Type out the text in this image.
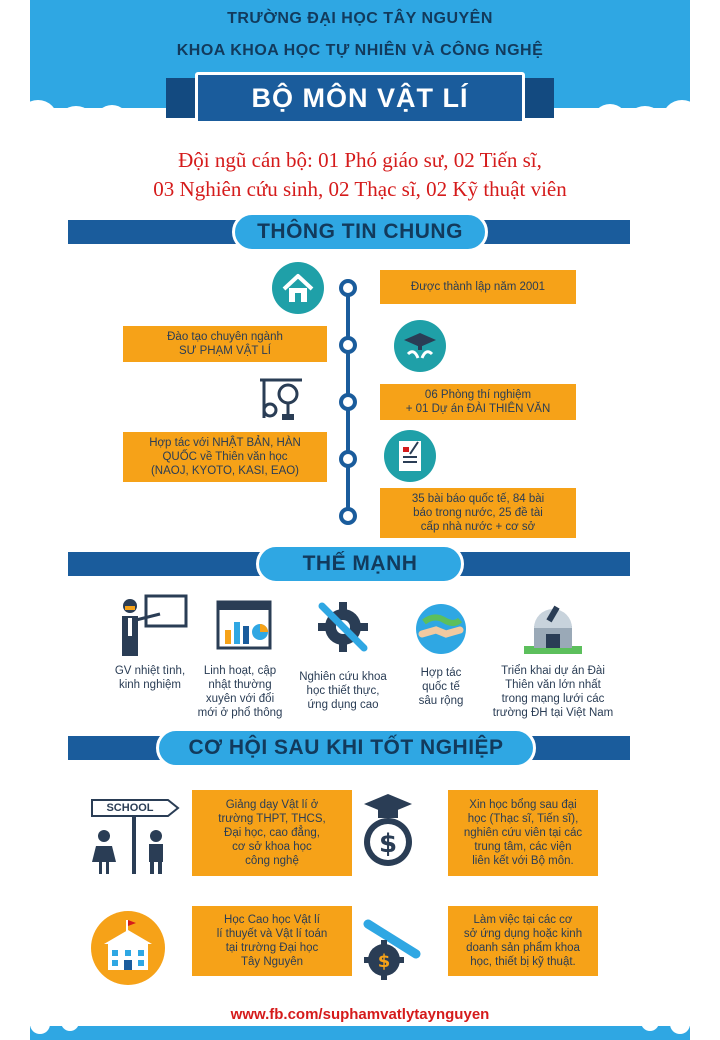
TRƯỜNG ĐẠI HỌC TÂY NGUYÊN
KHOA KHOA HỌC TỰ NHIÊN VÀ CÔNG NGHỆ
BỘ MÔN VẬT LÍ
Đội ngũ cán bộ: 01 Phó giáo sư, 02 Tiến sĩ,
03 Nghiên cứu sinh, 02 Thạc sĩ, 02 Kỹ thuật viên
THÔNG TIN CHUNG
Được thành lập năm 2001
Đào tạo chuyên ngành
SƯ PHẠM VẬT LÍ
06 Phòng thí nghiệm
+ 01 Dự án ĐÀI THIÊN VĂN
Hợp tác với NHẬT BẢN, HÀN
QUỐC về Thiên văn học
(NAOJ, KYOTO, KASI, EAO)
35 bài báo quốc tế, 84 bài
báo trong nước, 25 đề tài
cấp nhà nước + cơ sở
THẾ MẠNH
GV nhiệt tình,
kinh nghiệm
Linh hoạt, cập
nhật thường
xuyên với đổi
mới ở phổ thông
Nghiên cứu khoa
học thiết thực,
ứng dụng cao
Hợp tác
quốc tế
sâu rộng
Triển khai dự án Đài
Thiên văn lớn nhất
trong mạng lưới các
trường ĐH tại Việt Nam
CƠ HỘI SAU KHI TỐT NGHIỆP
SCHOOL	Giảng dạy Vật lí ở
trường THPT, THCS,
Đại học, cao đẳng,
cơ sở khoa học
công nghệ
$
Xin học bổng sau đại
học (Thạc sĩ, Tiến sĩ),
nghiên cứu viên tại các
trung tâm, các viện
liên kết với Bộ môn.
Học Cao học Vật lí
lí thuyết và Vật lí toán
tại trường Đại học
Tây Nguyên	$
Làm việc tại các cơ
sở ứng dụng hoặc kinh
doanh sản phẩm khoa
học, thiết bị kỹ thuật.
www.fb.com/suphamvatlytaynguyen
